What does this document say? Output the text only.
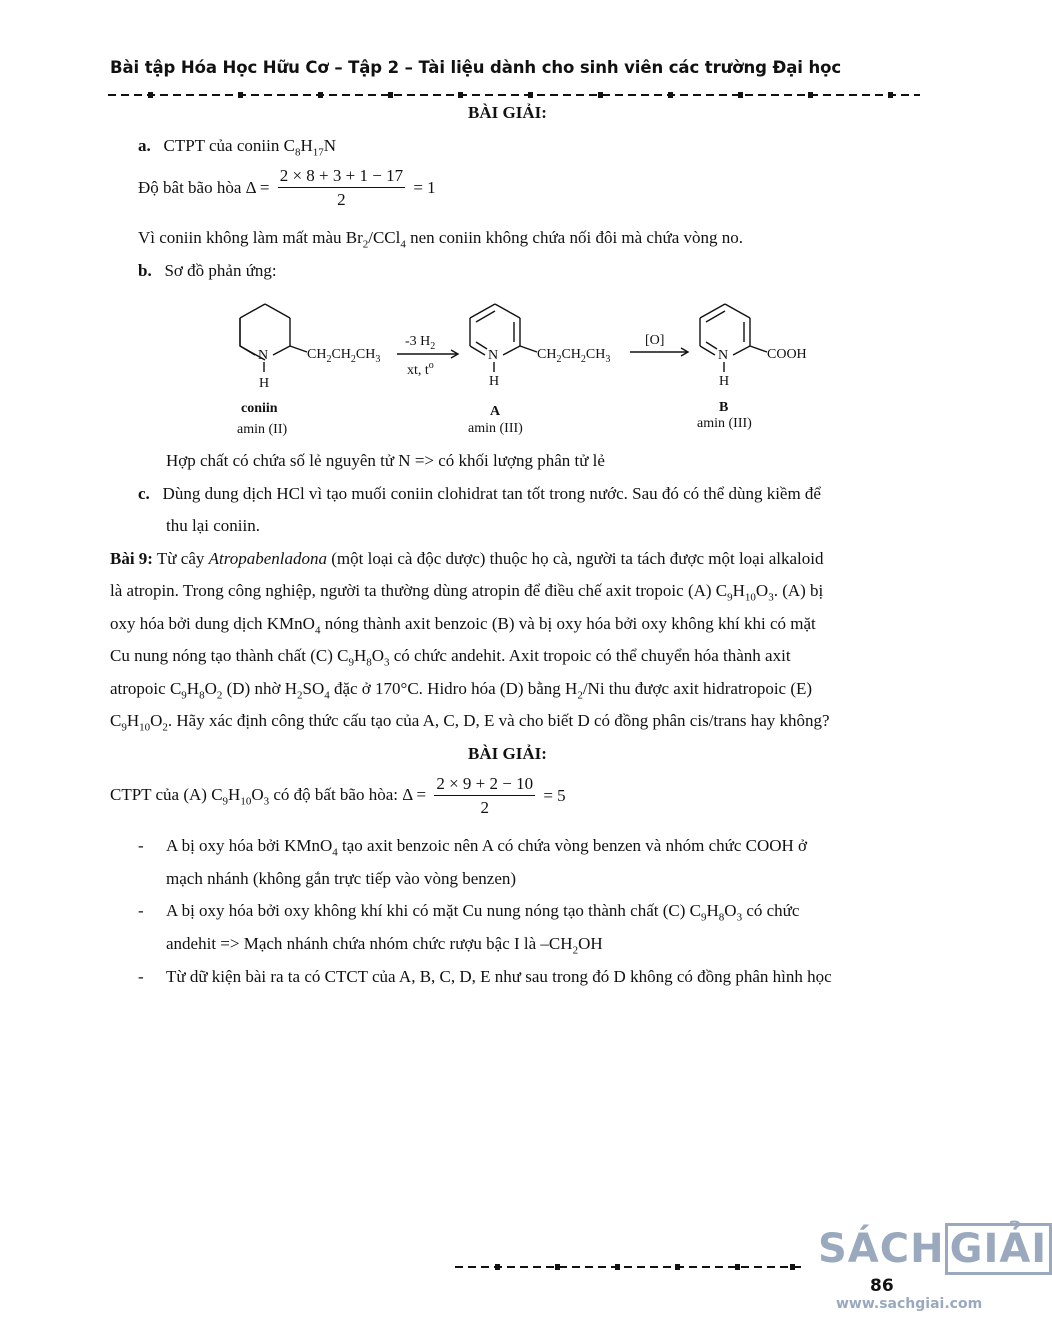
Bài tập Hóa Học Hữu Cơ – Tập 2 – Tài liệu dành cho sinh viên các trường Đại học
BÀI GIẢI:
a. CTPT của coniin $C_8H_{17}N$
Độ bât bão hòa $\Delta = \frac{2 \times 8 + 3 + 1 - 17}{2} = 1$
Vì coniin không làm mất màu $Br_2/CCl_4$ nen coniin không chứa nối đôi mà chứa vòng no.
b. Sơ đồ phản ứng:
N
H
$CH_2CH_2CH_3$
coniin
amin (II)
-3 $H_2$
xt, $t^o$
N
H
$CH_2CH_2CH_3$
A
amin (III)
[O]
N
H
COOH
B
amin (III)
Hợp chất có chứa số lẻ nguyên tử N => có khối lượng phân tử lẻ
c. Dùng dung dịch HCl vì tạo muối coniin clohidrat tan tốt trong nước. Sau đó có thể dùng kiềm để
thu lại coniin.
Bài 9: Từ cây Atropabenladona (một loại cà độc dược) thuộc họ cà, người ta tách được một loại alkaloid
là atropin. Trong công nghiệp, người ta thường dùng atropin để điều chế axit tropoic (A) $C_9H_{10}O_3$. (A) bị
oxy hóa bởi dung dịch KMnO$_4$ nóng thành axit benzoic (B) và bị oxy hóa bởi oxy không khí khi có mặt
Cu nung nóng tạo thành chất (C) $C_9H_8O_3$ có chức andehit. Axit tropoic có thể chuyển hóa thành axit
atropoic $C_9H_8O_2$ (D) nhờ $H_2SO_4$ đặc ở 170°C. Hidro hóa (D) bằng $H_2/Ni$ thu được axit hidratropoic (E)
$C_9H_{10}O_2$. Hãy xác định công thức cấu tạo của A, C, D, E và cho biết D có đồng phân cis/trans hay không?
BÀI GIẢI:
CTPT của (A) $C_9H_{10}O_3$ có độ bất bão hòa: $\Delta = \frac{2 \times 9 + 2 - 10}{2} = 5$
- A bị oxy hóa bởi KMnO$_4$ tạo axit benzoic nên A có chứa vòng benzen và nhóm chức COOH ở
mạch nhánh (không gắn trực tiếp vào vòng benzen)
- A bị oxy hóa bởi oxy không khí khi có mặt Cu nung nóng tạo thành chất (C) $C_9H_8O_3$ có chức
andehit => Mạch nhánh chứa nhóm chức rượu bậc I là $-CH_2OH$
- Từ dữ kiện bài ra ta có CTCT của A, B, C, D, E như sau trong đó D không có đồng phân hình học
SÁCH GIẢI
86
www.sachgiai.com
